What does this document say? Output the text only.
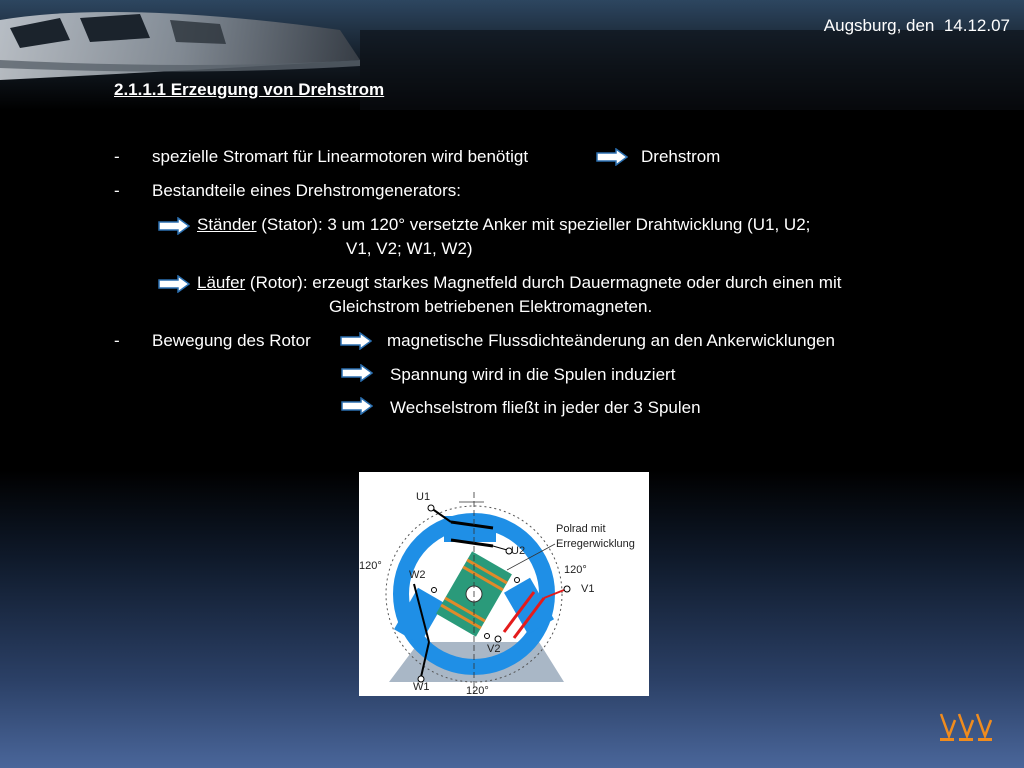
Augsburg, den  14.12.07
2.1.1.1 Erzeugung von Drehstrom
- spezielle Stromart für Linearmotoren wird benötigt	Drehstrom
- Bestandteile eines Drehstromgenerators:
Ständer (Stator): 3 um 120° versetzte Anker mit spezieller Drahtwicklung (U1, U2;
V1, V2; W1, W2)
Läufer (Rotor): erzeugt starkes Magnetfeld durch Dauermagnete oder durch einen mit
Gleichstrom betriebenen Elektromagneten.
- Bewegung des Rotor	magnetische Flussdichteänderung an den Ankerwicklungen
Spannung wird in die Spulen induziert
Wechselstrom fließt in jeder der 3 Spulen
U1
U2
V1
V2
W1
W2
120°	120°
120°
Polrad mit
Erregerwicklung
